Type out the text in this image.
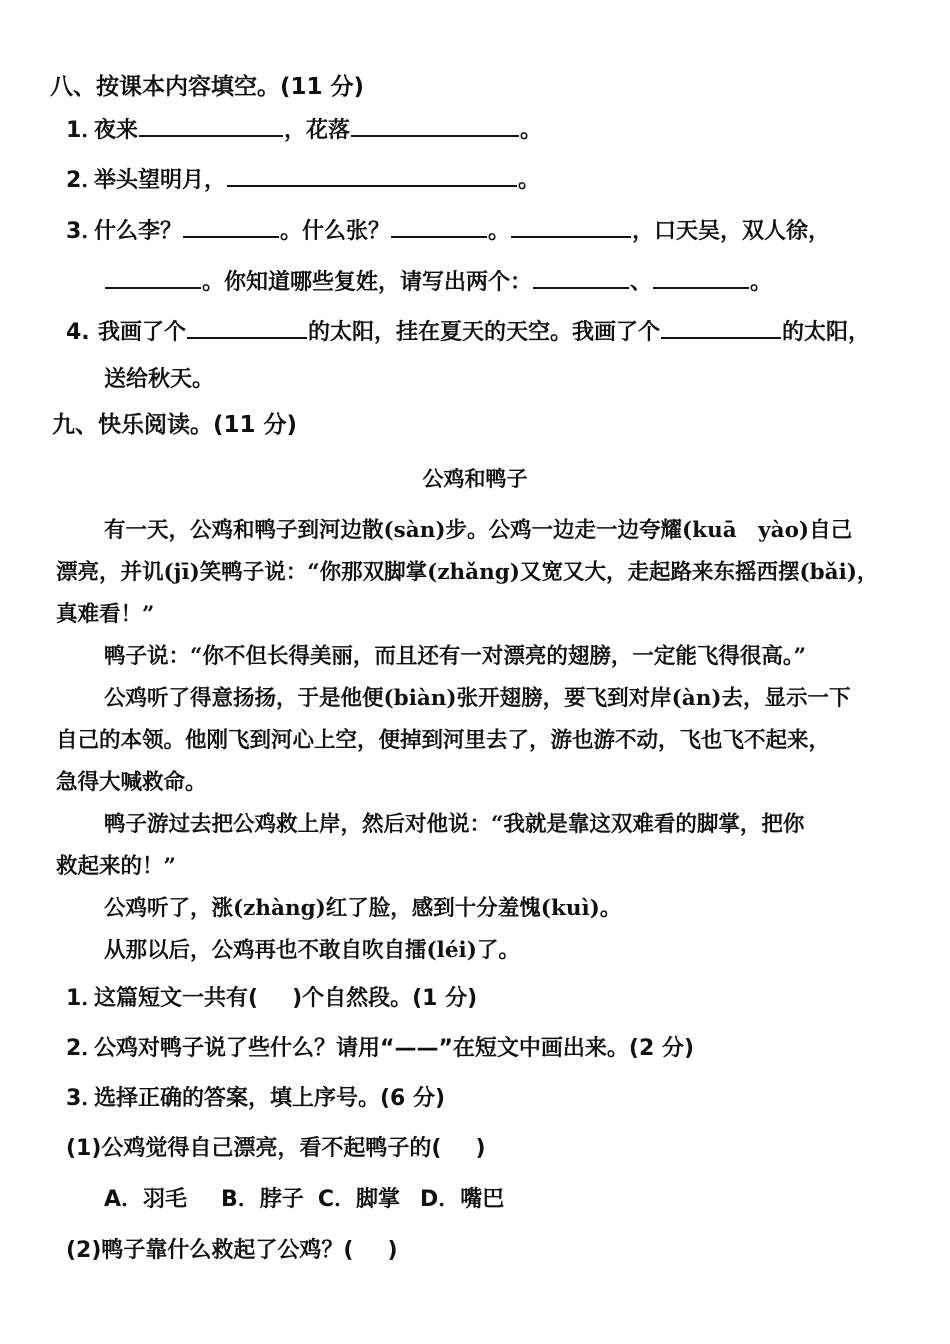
八、按课本内容填空。(11 分)
1．夜来	，花落	。
2．举头望明月，	。
3．什么李？	。什么张？	。	，口天吴，双人徐，
。你知道哪些复姓，请写出两个：	、	。
4. 我画了个	的太阳，挂在夏天的天空。我画了个	的太阳，
送给秋天。
九、快乐阅读。(11 分)
公鸡和鸭子
有一天，公鸡和鸭子到河边散(sàn)步。公鸡一边走一边夸耀(kuā　yào)自己
漂亮，并讥(jī)笑鸭子说：“你那双脚掌(zhǎng)又宽又大，走起路来东摇西摆(bǎi)，
真难看！”
鸭子说：“你不但长得美丽，而且还有一对漂亮的翅膀，一定能飞得很高。”
公鸡听了得意扬扬，于是他便(biàn)张开翅膀，要飞到对岸(àn)去，显示一下
自己的本领。他刚飞到河心上空，便掉到河里去了，游也游不动，飞也飞不起来，
急得大喊救命。
鸭子游过去把公鸡救上岸，然后对他说：“我就是靠这双难看的脚掌，把你
救起来的！”
公鸡听了，涨(zhàng)红了脸，感到十分羞愧(kuì)。
从那以后，公鸡再也不敢自吹自擂(léi)了。
1．这篇短文一共有( )个自然段。(1 分)
2．公鸡对鸭子说了些什么？请用“——”在短文中画出来。(2 分)
3．选择正确的答案，填上序号。(6 分)
(1)公鸡觉得自己漂亮，看不起鸭子的( )
A．羽毛 B．脖子 C．脚掌 D．嘴巴
(2)鸭子靠什么救起了公鸡？( )
